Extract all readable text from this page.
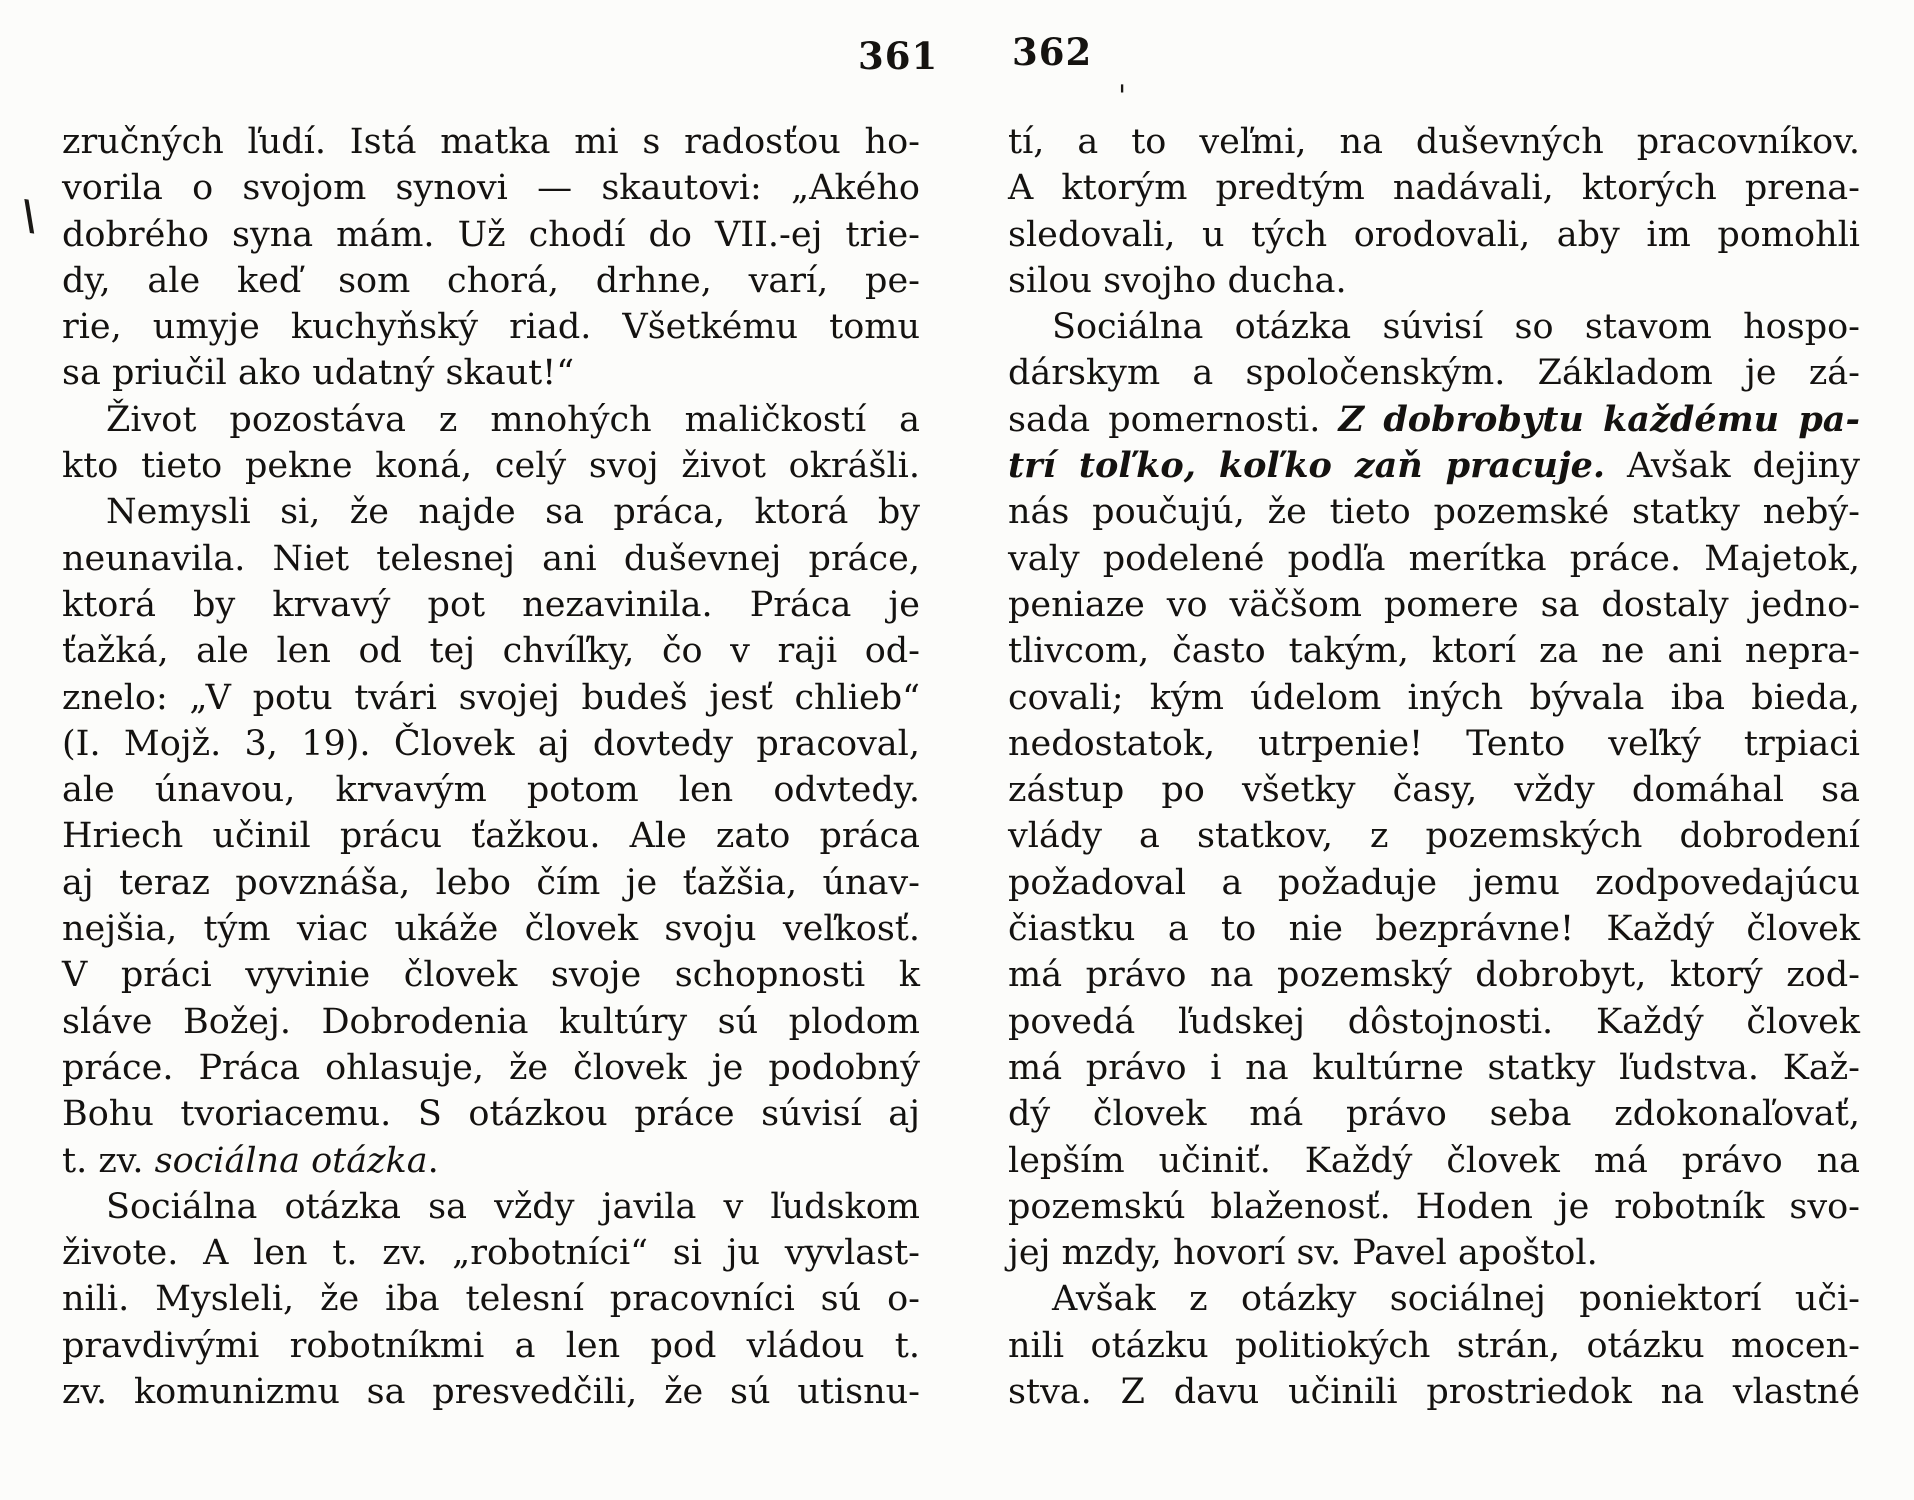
361 362
\
'
zručných ľudí. Istá matka mi s radosťou ho-
vorila o svojom synovi — skautovi: „Akého
dobrého syna mám. Už chodí do VII.-ej trie-
dy, ale keď som chorá, drhne, varí, pe-
rie, umyje kuchyňský riad. Všetkému tomu
sa priučil ako udatný skaut!“
Život pozostáva z mnohých maličkostí a
kto tieto pekne koná, celý svoj život okrášli.
Nemysli si, že najde sa práca, ktorá by
neunavila. Niet telesnej ani duševnej práce,
ktorá by krvavý pot nezavinila. Práca je
ťažká, ale len od tej chvíľky, čo v raji od-
znelo: „V potu tvári svojej budeš jesť chlieb“
(I. Mojž. 3, 19). Človek aj dovtedy pracoval,
ale únavou, krvavým potom len odvtedy.
Hriech učinil prácu ťažkou. Ale zato práca
aj teraz povznáša, lebo čím je ťažšia, únav-
nejšia, tým viac ukáže človek svoju veľkosť.
V práci vyvinie človek svoje schopnosti k
sláve Božej. Dobrodenia kultúry sú plodom
práce. Práca ohlasuje, že človek je podobný
Bohu tvoriacemu. S otázkou práce súvisí aj
t. zv. sociálna otázka.
Sociálna otázka sa vždy javila v ľudskom
živote. A len t. zv. „robotníci“ si ju vyvlast-
nili. Mysleli, že iba telesní pracovníci sú o-
pravdivými robotníkmi a len pod vládou t.
zv. komunizmu sa presvedčili, že sú utisnu-
tí, a to veľmi, na duševných pracovníkov.
A ktorým predtým nadávali, ktorých prena-
sledovali, u tých orodovali, aby im pomohli
silou svojho ducha.
Sociálna otázka súvisí so stavom hospo-
dárskym a spoločenským. Základom je zá-
sada pomernosti. Z dobrobytu každému pa-
trí toľko, koľko zaň pracuje. Avšak dejiny
nás poučujú, že tieto pozemské statky nebý-
valy podelené podľa merítka práce. Majetok,
peniaze vo väčšom pomere sa dostaly jedno-
tlivcom, často takým, ktorí za ne ani nepra-
covali; kým údelom iných bývala iba bieda,
nedostatok, utrpenie! Tento veľký trpiaci
zástup po všetky časy, vždy domáhal sa
vlády a statkov, z pozemských dobrodení
požadoval a požaduje jemu zodpovedajúcu
čiastku a to nie bezprávne! Každý človek
má právo na pozemský dobrobyt, ktorý zod-
povedá ľudskej dôstojnosti. Každý človek
má právo i na kultúrne statky ľudstva. Kaž-
dý človek má právo seba zdokonaľovať,
lepším učiniť. Každý človek má právo na
pozemskú blaženosť. Hoden je robotník svo-
jej mzdy, hovorí sv. Pavel apoštol.
Avšak z otázky sociálnej poniektorí uči-
nili otázku politiokých strán, otázku mocen-
stva. Z davu učinili prostriedok na vlastné
